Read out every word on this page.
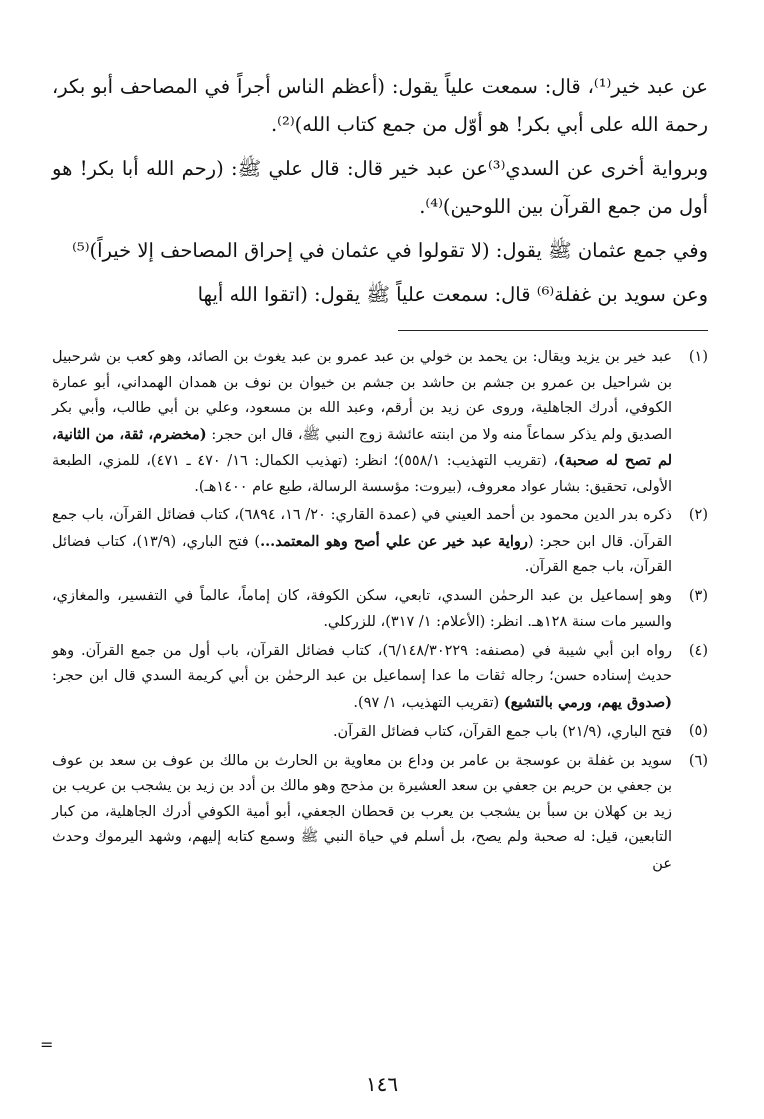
عن عبد خير⁽¹⁾، قال: سمعت علياً يقول: (أعظم الناس أجراً في المصاحف أبو بكر، رحمة الله على أبي بكر! هو أوّل من جمع كتاب الله)⁽²⁾.

وبرواية أخرى عن السدي⁽³⁾عن عبد خير قال: قال علي ﷺ: (رحم الله أبا بكر! هو أول من جمع القرآن بين اللوحين)⁽⁴⁾.

وفي جمع عثمان ﷺ يقول: (لا تقولوا في عثمان في إحراق المصاحف إلا خيراً)⁽⁵⁾

وعن سويد بن غفلة⁽⁶⁾ قال: سمعت علياً ﷺ يقول: (اتقوا الله أيها

(١)
عبد خير بن يزيد ويقال: بن يحمد بن خولي بن عبد عمرو بن عبد يغوث بن الصائد، وهو كعب بن شرحبيل بن شراحيل بن عمرو بن جشم بن حاشد بن جشم بن خيوان بن نوف بن همدان الهمداني، أبو عمارة الكوفي، أدرك الجاهلية، وروى عن زيد بن أرقم، وعبد الله بن مسعود، وعلي بن أبي طالب، وأبي بكر الصديق ولم يذكر سماعاً منه ولا من ابنته عائشة زوج النبي ﷺ، قال ابن حجر: (مخضرم، ثقة، من الثانية، لم تصح له صحبة)، (تقريب التهذيب: ٥٥٨/١)؛ انظر: (تهذيب الكمال: ١٦/ ٤٧٠ ـ ٤٧١)، للمزي، الطبعة الأولى، تحقيق: بشار عواد معروف، (بيروت: مؤسسة الرسالة، طبع عام ١٤٠٠هـ).
(٢)
ذكره بدر الدين محمود بن أحمد العيني في (عمدة القاري: ٢٠/ ١٦، ٦٨٩٤)، كتاب فضائل القرآن، باب جمع القرآن. قال ابن حجر: (رواية عبد خير عن علي أصح وهو المعتمد...) فتح الباري، (١٣/٩)، كتاب فضائل القرآن، باب جمع القرآن.
(٣)
وهو إسماعيل بن عبد الرحمٰن السدي، تابعي، سكن الكوفة، كان إماماً، عالماً في التفسير، والمغازي، والسير مات سنة ١٢٨هـ. انظر: (الأعلام: ١/ ٣١٧)، للزركلي.
(٤)
رواه ابن أبي شيبة في (مصنفه: ٦/١٤٨/٣٠٢٢٩)، كتاب فضائل القرآن، باب أول من جمع القرآن. وهو حديث إسناده حسن؛ رجاله ثقات ما عدا إسماعيل بن عبد الرحمٰن بن أبي كريمة السدي قال ابن حجر: (صدوق يهم، ورمي بالتشيع) (تقريب التهذيب، ١/ ٩٧).
(٥)
فتح الباري، (٢١/٩) باب جمع القرآن، كتاب فضائل القرآن.
(٦)
سويد بن غفلة بن عوسجة بن عامر بن وداع بن معاوية بن الحارث بن مالك بن عوف بن سعد بن عوف بن جعفي بن حريم بن جعفي بن سعد العشيرة بن مذحج وهو مالك بن أدد بن زيد بن يشجب بن عريب بن زيد بن كهلان بن سبأ بن يشجب بن يعرب بن قحطان الجعفي، أبو أمية الكوفي أدرك الجاهلية، من كبار التابعين، قيل: له صحبة ولم يصح، بل أسلم في حياة النبي ﷺ وسمع كتابه إليهم، وشهد اليرموك وحدث عن
=
١٤٦
